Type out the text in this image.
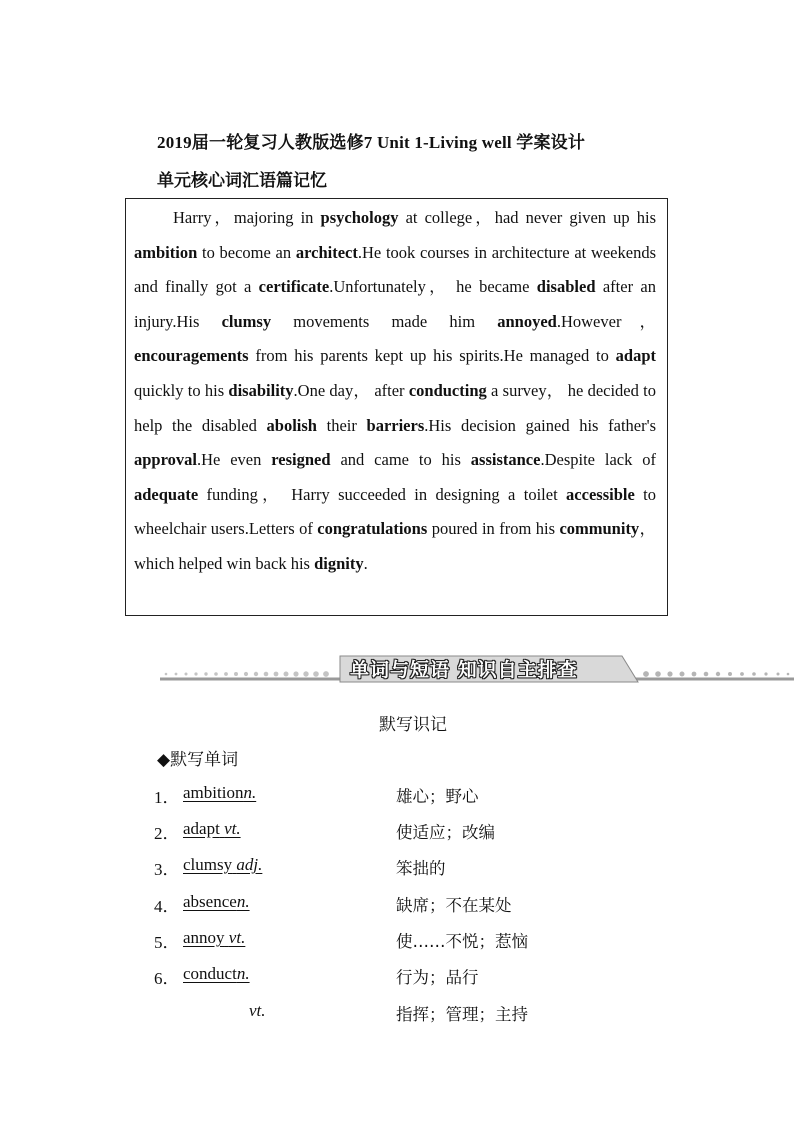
2019届一轮复习人教版选修7 Unit 1-Living well 学案设计
单元核心词汇语篇记忆
　　Harry，majoring in psychology at college，had never given up his ambition to become an architect.He took courses in architecture at weekends and finally got a certificate.Unfortunately， he became disabled after an injury.His clumsy movements made him annoyed.However， encouragements from his parents kept up his spirits.He managed to adapt quickly to his disability.One day， after conducting a survey， he decided to help the disabled abolish their barriers.His decision gained his father's approval.He even resigned and came to his assistance.Despite lack of adequate funding， Harry succeeded in designing a toilet accessible to wheelchair users.Letters of congratulations poured in from his community，which helped win back his dignity.
单词与短语 知识自主排查
默写识记
◆默写单词
1． ambitionn.	雄心；野心
2． adapt vt.	使适应；改编
3． clumsy adj.	笨拙的
4． absencen.	缺席；不在某处
5． annoy vt.	使……不悦；惹恼
6． conductn.	行为；品行
vt.	指挥；管理；主持
